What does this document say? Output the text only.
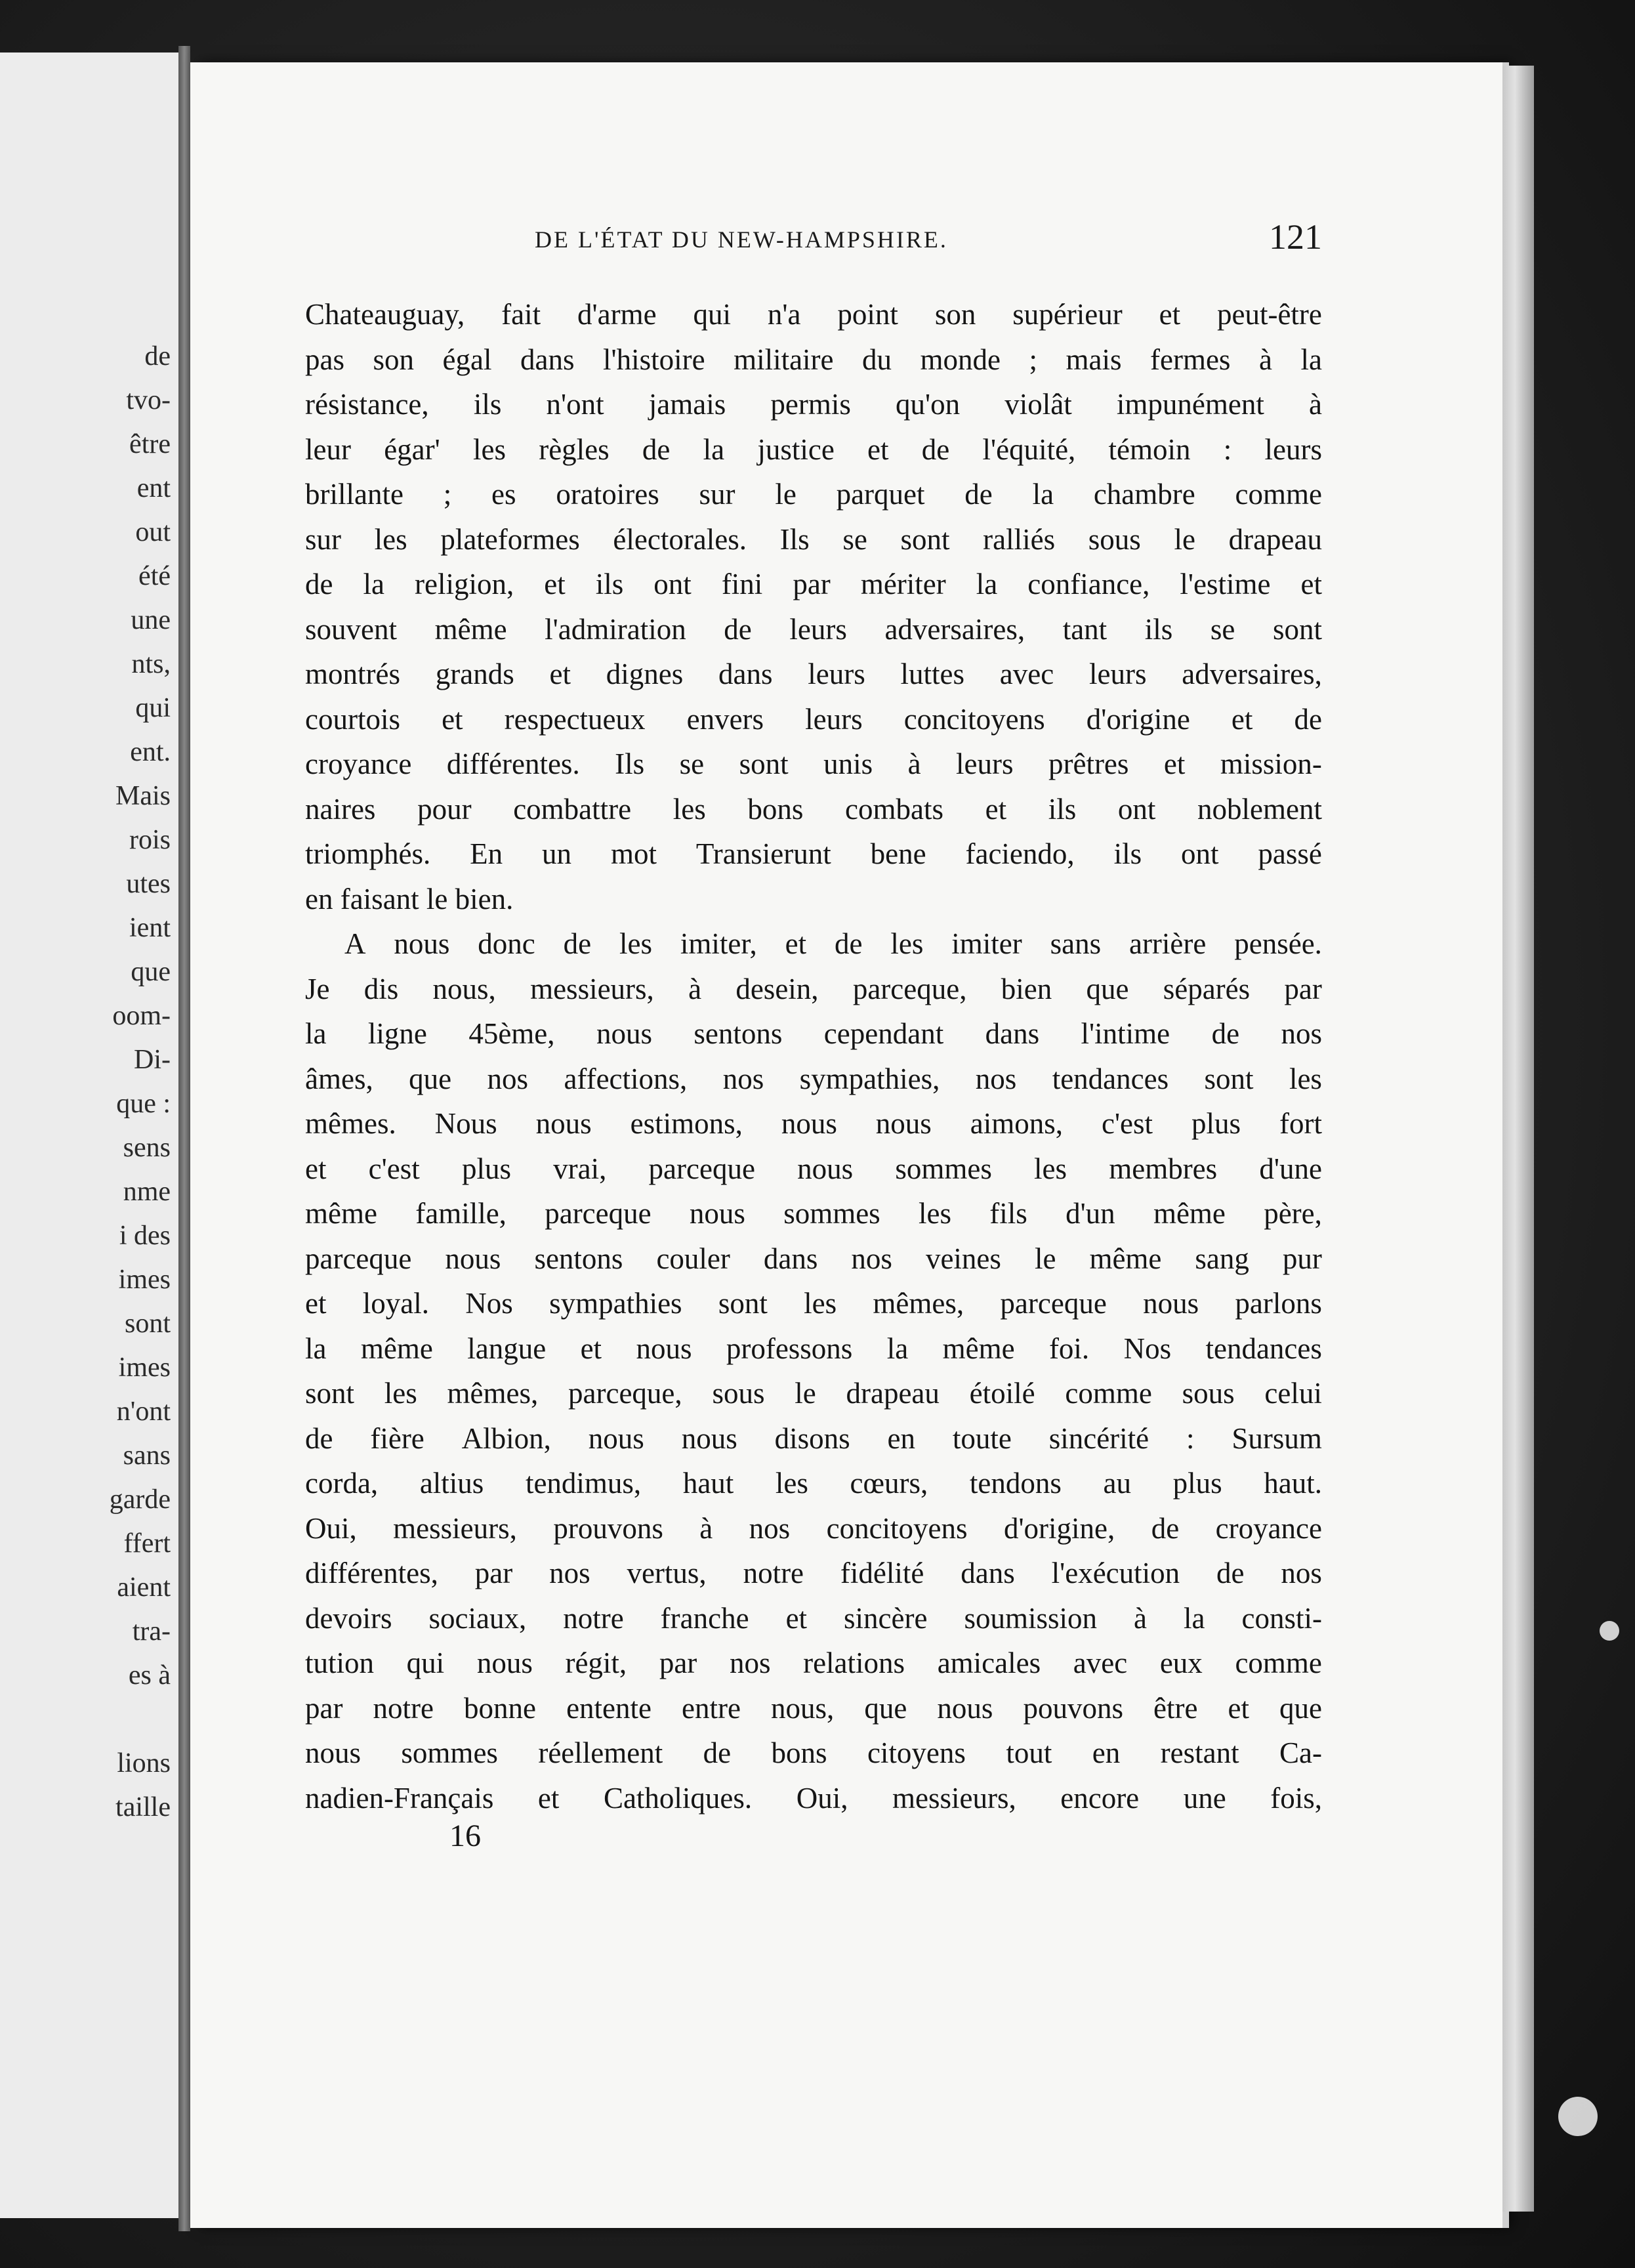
de
tvo-
être
ent
out
été
une
nts,
qui
ent.
Mais
rois
utes
ient
que
oom-
Di-
que :
sens
nme
i des
imes
sont
imes
n'ont
sans
garde
ffert
aient
tra-
es à

lions
taille
DE L'ÉTAT DU NEW-HAMPSHIRE.	121
Chateauguay, fait d'arme qui n'a point son supérieur et peut-être
pas son égal dans l'histoire militaire du monde ; mais fermes à la
résistance, ils n'ont jamais permis qu'on violât impunément à
leur égar' les règles de la justice et de l'équité, témoin : leurs
brillante ; es oratoires sur le parquet de la chambre comme
sur les plateformes électorales. Ils se sont ralliés sous le drapeau
de la religion, et ils ont fini par mériter la confiance, l'estime et
souvent même l'admiration de leurs adversaires, tant ils se sont
montrés grands et dignes dans leurs luttes avec leurs adversaires,
courtois et respectueux envers leurs concitoyens d'origine et de
croyance différentes. Ils se sont unis à leurs prêtres et mission-
naires pour combattre les bons combats et ils ont noblement
triomphés. En un mot Transierunt bene faciendo, ils ont passé
en faisant le bien.
A nous donc de les imiter, et de les imiter sans arrière pensée.
Je dis nous, messieurs, à desein, parceque, bien que séparés par
la ligne 45ème, nous sentons cependant dans l'intime de nos
âmes, que nos affections, nos sympathies, nos tendances sont les
mêmes. Nous nous estimons, nous nous aimons, c'est plus fort
et c'est plus vrai, parceque nous sommes les membres d'une
même famille, parceque nous sommes les fils d'un même père,
parceque nous sentons couler dans nos veines le même sang pur
et loyal. Nos sympathies sont les mêmes, parceque nous parlons
la même langue et nous professons la même foi. Nos tendances
sont les mêmes, parceque, sous le drapeau étoilé comme sous celui
de fière Albion, nous nous disons en toute sincérité : Sursum
corda, altius tendimus, haut les cœurs, tendons au plus haut.
Oui, messieurs, prouvons à nos concitoyens d'origine, de croyance
différentes, par nos vertus, notre fidélité dans l'exécution de nos
devoirs sociaux, notre franche et sincère soumission à la consti-
tution qui nous régit, par nos relations amicales avec eux comme
par notre bonne entente entre nous, que nous pouvons être et que
nous sommes réellement de bons citoyens tout en restant Ca-
nadien-Français et Catholiques. Oui, messieurs, encore une fois,
16
